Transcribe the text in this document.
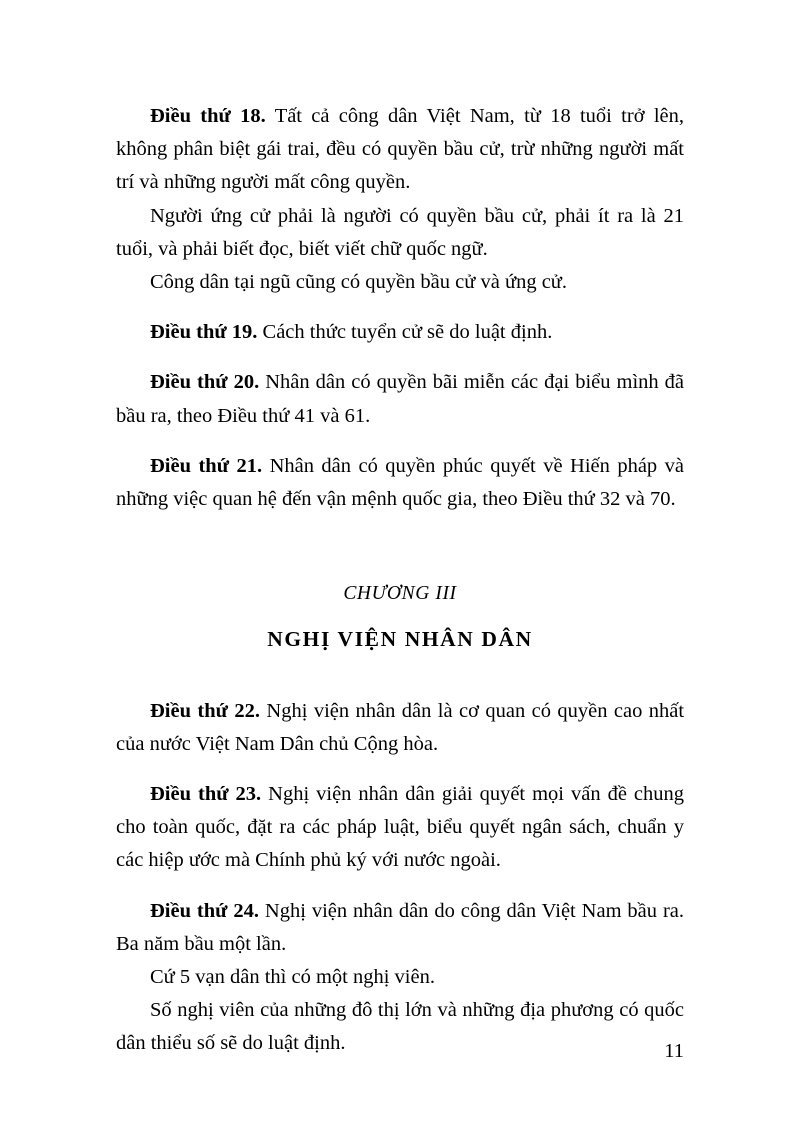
Điều thứ 18. Tất cả công dân Việt Nam, từ 18 tuổi trở lên, không phân biệt gái trai, đều có quyền bầu cử, trừ những người mất trí và những người mất công quyền.

Người ứng cử phải là người có quyền bầu cử, phải ít ra là 21 tuổi, và phải biết đọc, biết viết chữ quốc ngữ.

Công dân tại ngũ cũng có quyền bầu cử và ứng cử.

Điều thứ 19. Cách thức tuyển cử sẽ do luật định.

Điều thứ 20. Nhân dân có quyền bãi miễn các đại biểu mình đã bầu ra, theo Điều thứ 41 và 61.

Điều thứ 21. Nhân dân có quyền phúc quyết về Hiến pháp và những việc quan hệ đến vận mệnh quốc gia, theo Điều thứ 32 và 70.

CHƯƠNG III

NGHỊ VIỆN NHÂN DÂN

Điều thứ 22. Nghị viện nhân dân là cơ quan có quyền cao nhất của nước Việt Nam Dân chủ Cộng hòa.

Điều thứ 23. Nghị viện nhân dân giải quyết mọi vấn đề chung cho toàn quốc, đặt ra các pháp luật, biểu quyết ngân sách, chuẩn y các hiệp ước mà Chính phủ ký với nước ngoài.

Điều thứ 24. Nghị viện nhân dân do công dân Việt Nam bầu ra. Ba năm bầu một lần.

Cứ 5 vạn dân thì có một nghị viên.

Số nghị viên của những đô thị lớn và những địa phương có quốc dân thiểu số sẽ do luật định.	11
